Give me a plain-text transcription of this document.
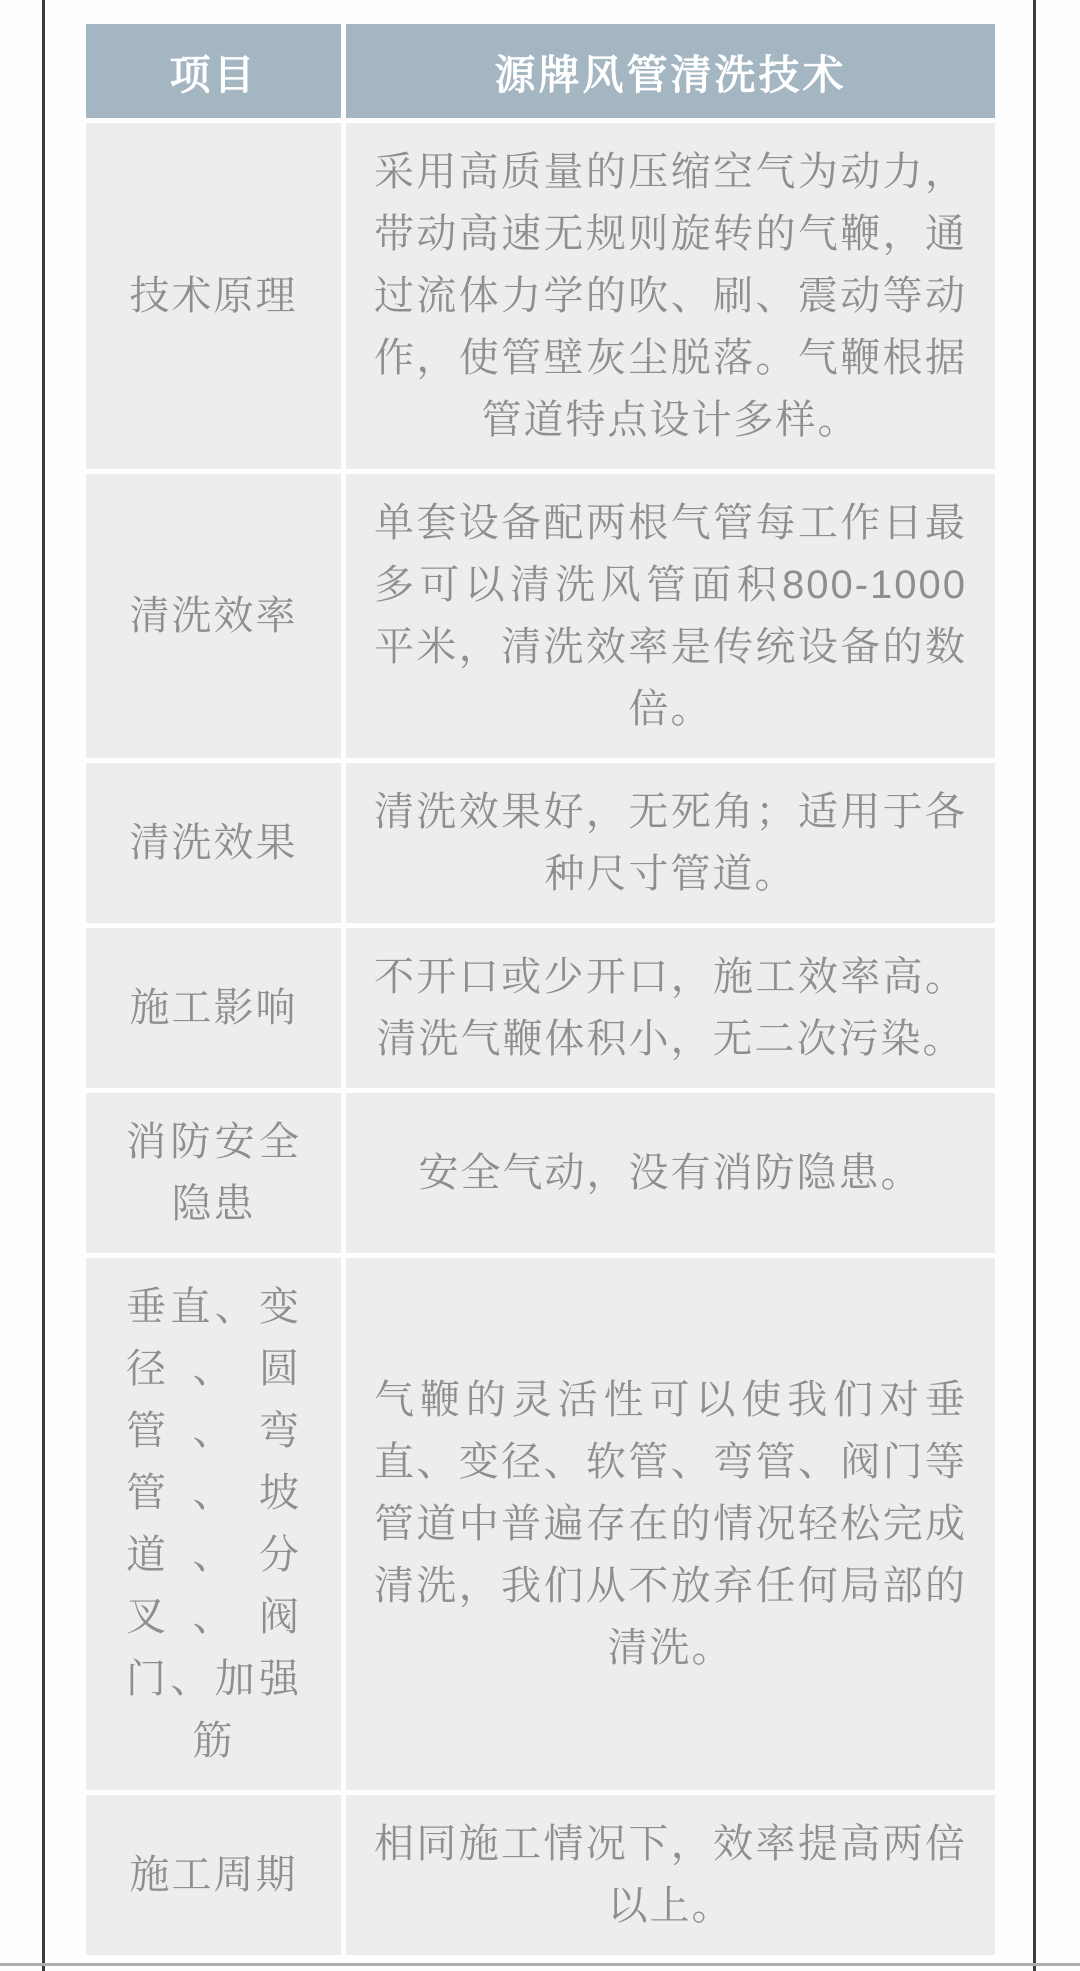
项目	源牌风管清洗技术
技术原理
采用高质量的压缩空气为动力，带动高速无规则旋转的气鞭，通过流体力学的吹、刷、震动等动作，使管壁灰尘脱落。气鞭根据管道特点设计多样。
清洗效率
单套设备配两根气管每工作日最多可以清洗风管面积800-1000平米，清洗效率是传统设备的数倍。
清洗效果
清洗效果好，无死角；适用于各种尺寸管道。
施工影响
不开口或少开口，施工效率高。清洗气鞭体积小，无二次污染。
消防安全隐患
安全气动，没有消防隐患。
垂直、变径、圆管、弯管、坡道、分叉、阀门、加强筋
气鞭的灵活性可以使我们对垂直、变径、软管、弯管、阀门等管道中普遍存在的情况轻松完成清洗，我们从不放弃任何局部的清洗。
施工周期
相同施工情况下，效率提高两倍以上。
